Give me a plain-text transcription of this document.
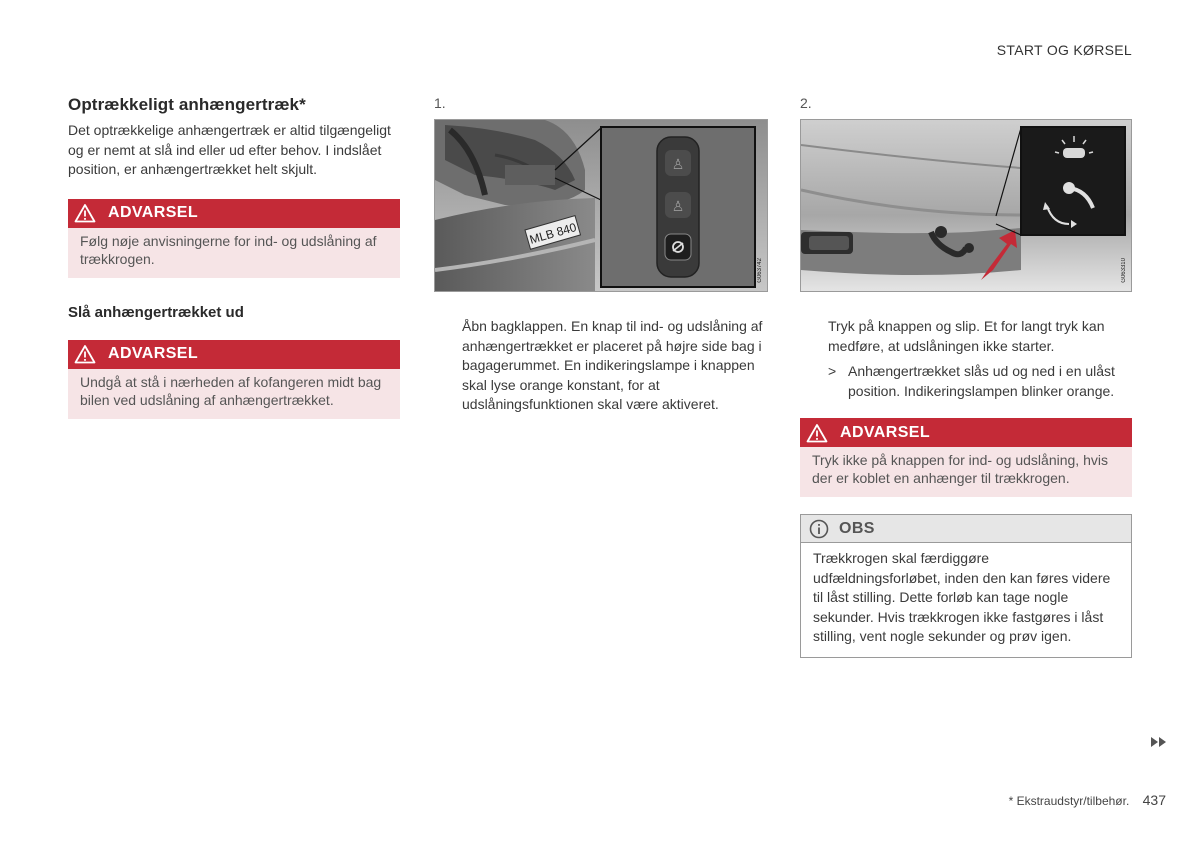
START OG KØRSEL
Optrækkeligt anhængertræk*

Det optrækkelige anhængertræk er altid tilgængeligt og er nemt at slå ind eller ud efter behov. I indslået position, er anhængertrækket helt skjult.

ADVARSEL
Følg nøje anvisningerne for ind- og udslåning af trækkrogen.
Slå anhængertrækket ud
ADVARSEL
Undgå at stå i nærheden af kofangeren midt bag bilen ved udslåning af anhængertrækket.
1.
MLB 840
♙
♙
G063742

Åbn bagklappen. En knap til ind- og udslåning af anhængertrækket er placeret på højre side bag i bagagerummet. En indikeringslampe i knappen skal lyse orange konstant, for at udslåningsfunktionen skal være aktiveret.

2.
G063310

Tryk på knappen og slip. Et for langt tryk kan medføre, at udslåningen ikke starter.

> Anhængertrækket slås ud og ned i en ulåst position. Indikeringslampen blinker orange.
ADVARSEL
Tryk ikke på knappen for ind- og udslåning, hvis der er koblet en anhænger til trækkrogen.
OBS
Trækkrogen skal færdiggøre udfældningsforløbet, inden den kan føres videre til låst stilling. Dette forløb kan tage nogle sekunder. Hvis trækkrogen ikke fastgøres i låst stilling, vent nogle sekunder og prøv igen.
* Ekstraudstyr/tilbehør. 437
